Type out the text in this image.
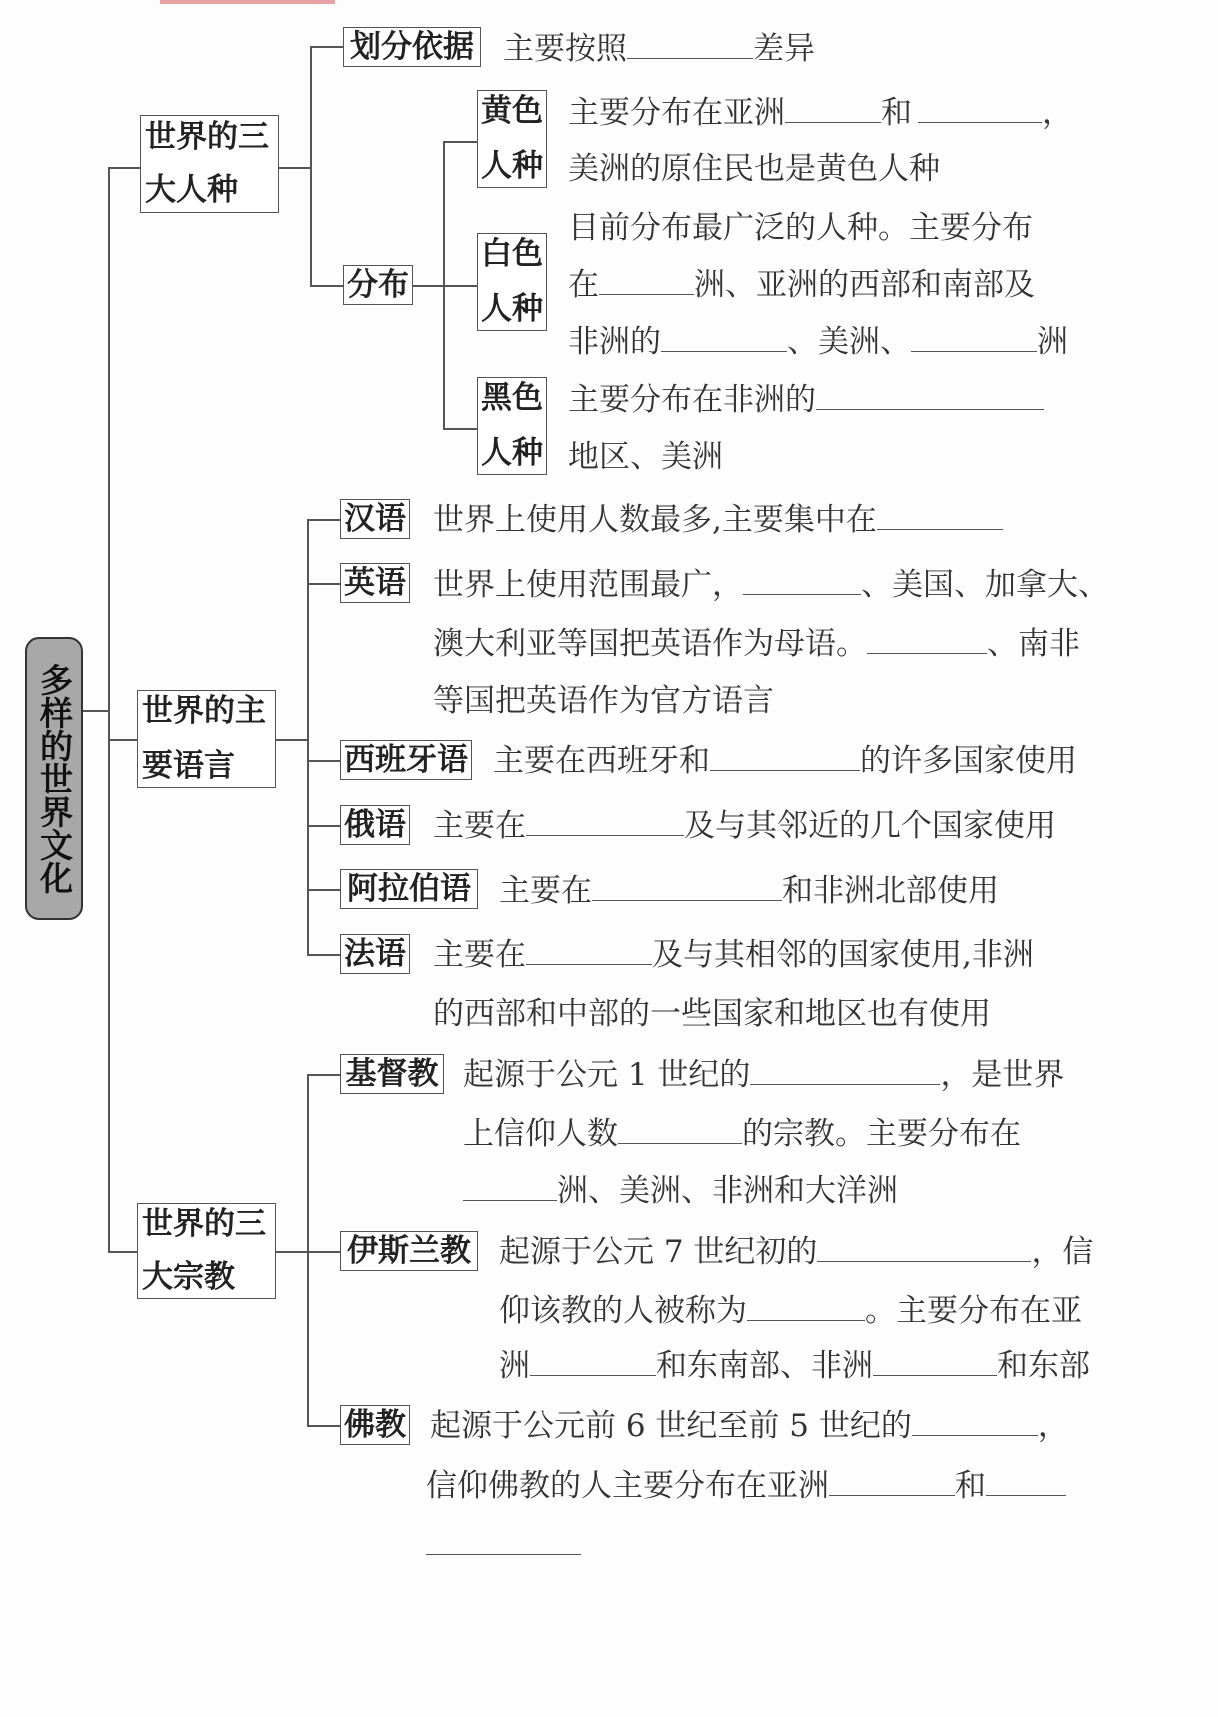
多样的世界文化
世界的三
大人种
划分依据 主要按照	差异
分布
黄色
人种
主要分布在亚洲	和	，
美洲的原住民也是黄色人种
白色
人种
目前分布最广泛的人种。主要分布
在	洲、亚洲的西部和南部及
非洲的	、美洲、	洲
黑色
人种
主要分布在非洲的
地区、美洲
世界的主
要语言
汉语 世界上使用人数最多,主要集中在
英语 世界上使用范围最广，	、美国、加拿大、
澳大利亚等国把英语作为母语。	、南非
等国把英语作为官方语言
西班牙语 主要在西班牙和	的许多国家使用
俄语 主要在	及与其邻近的几个国家使用
阿拉伯语 主要在	和非洲北部使用
法语 主要在	及与其相邻的国家使用,非洲
的西部和中部的一些国家和地区也有使用
世界的三
大宗教
基督教 起源于公元 1 世纪的	，是世界
上信仰人数	的宗教。主要分布在
洲、美洲、非洲和大洋洲
伊斯兰教 起源于公元 7 世纪初的	，信
仰该教的人被称为	。主要分布在亚
洲	和东南部、非洲	和东部
佛教 起源于公元前 6 世纪至前 5 世纪的	，
信仰佛教的人主要分布在亚洲	和
